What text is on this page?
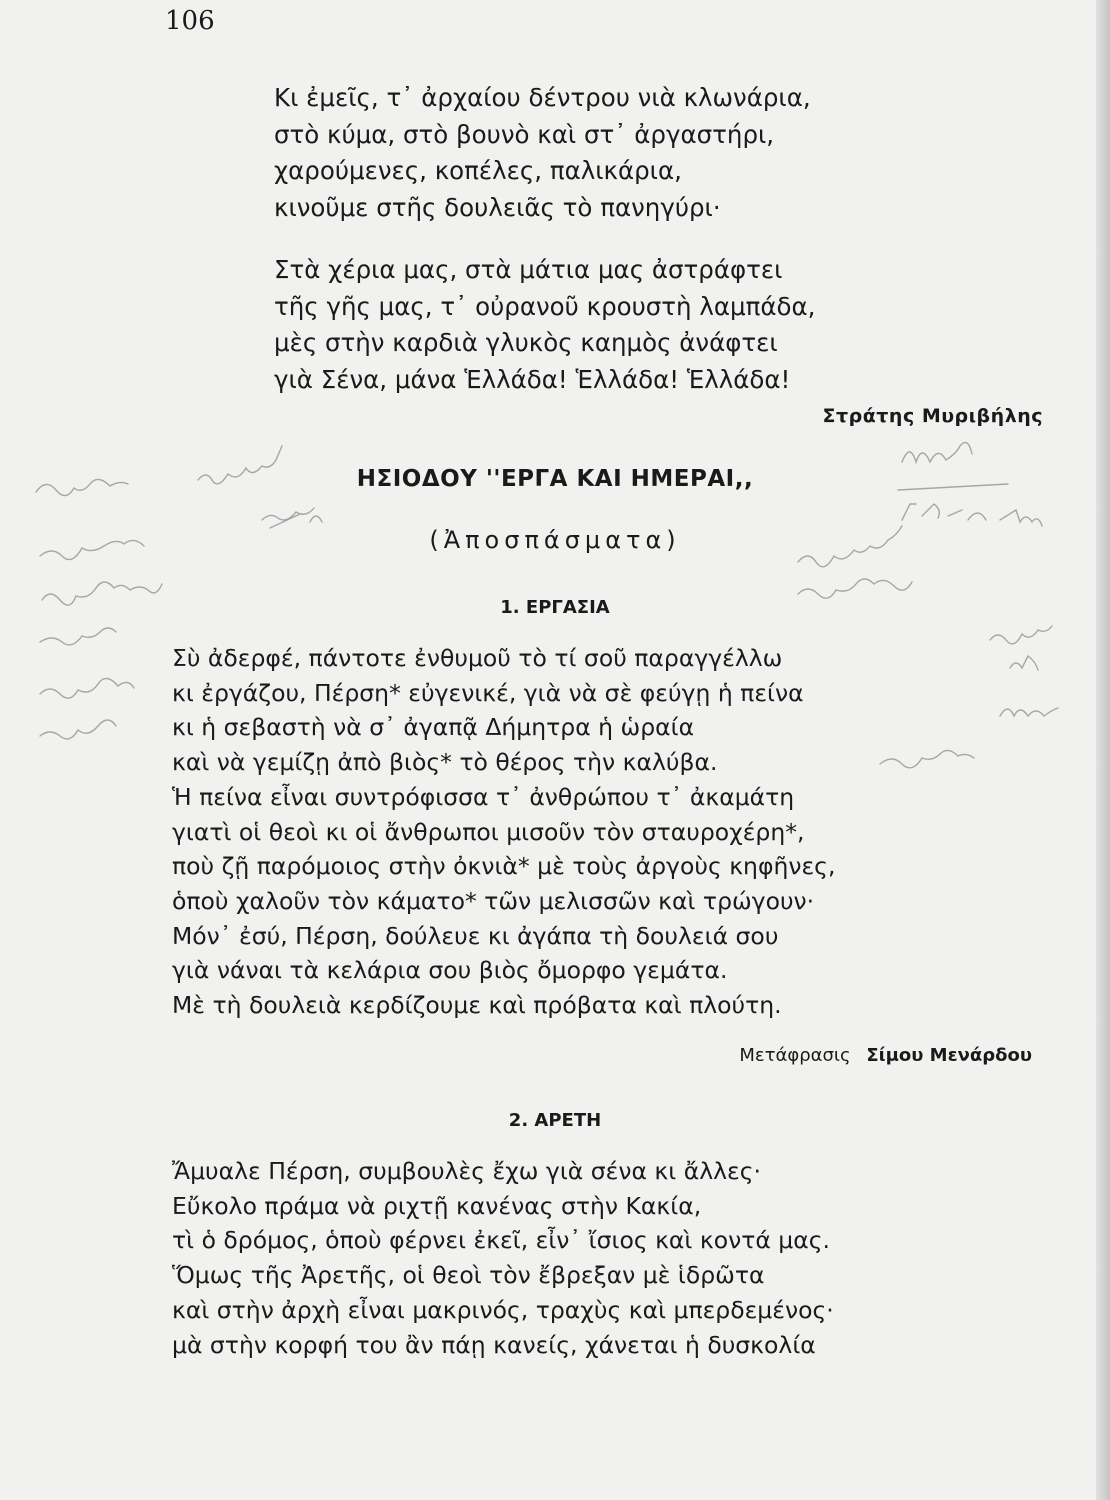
106
Κι ἐμεῖς, τ᾽ ἀρχαίου δέντρου νιὰ κλωνάρια,
στὸ κύμα, στὸ βουνὸ καὶ στ᾽ ἀργαστήρι,
χαρούμενες, κοπέλες, παλικάρια,
κινοῦμε στῆς δουλειᾶς τὸ πανηγύρι·
Στὰ χέρια μας, στὰ μάτια μας ἀστράφτει
τῆς γῆς μας, τ᾽ οὐρανοῦ κρουστὴ λαμπάδα,
μὲς στὴν καρδιὰ γλυκὸς καημὸς ἀνάφτει
γιὰ Σένα, μάνα Ἑλλάδα! Ἑλλάδα! Ἑλλάδα!
Στράτης Μυριβήλης
ΗΣΙΟΔΟΥ ''ΕΡΓΑ ΚΑΙ ΗΜΕΡΑΙ,,
(Ἀποσπάσματα)
1. ΕΡΓΑΣΙΑ
Σὺ ἀδερφέ, πάντοτε ἐνθυμοῦ τὸ τί σοῦ παραγγέλλω
κι ἐργάζου, Πέρση* εὐγενικέ, γιὰ νὰ σὲ φεύγῃ ἡ πείνα
κι ἡ σεβαστὴ νὰ σ᾽ ἀγαπᾷ Δήμητρα ἡ ὡραία
καὶ νὰ γεμίζῃ ἀπὸ βιὸς* τὸ θέρος τὴν καλύβα.
Ἡ πείνα εἶναι συντρόφισσα τ᾽ ἀνθρώπου τ᾽ ἀκαμάτη
γιατὶ οἱ θεοὶ κι οἱ ἄνθρωποι μισοῦν τὸν σταυροχέρη*,
ποὺ ζῇ παρόμοιος στὴν ὀκνιὰ* μὲ τοὺς ἀργοὺς κηφῆνες,
ὁποὺ χαλοῦν τὸν κάματο* τῶν μελισσῶν καὶ τρώγουν·
Μόν᾽ ἐσύ, Πέρση, δούλευε κι ἀγάπα τὴ δουλειά σου
γιὰ νάναι τὰ κελάρια σου βιὸς ὄμορφο γεμάτα.
Μὲ τὴ δουλειὰ κερδίζουμε καὶ πρόβατα καὶ πλούτη.
Μετάφρασις Σίμου Μενάρδου
2. ΑΡΕΤΗ
Ἄμυαλε Πέρση, συμβουλὲς ἔχω γιὰ σένα κι ἄλλες·
Εὔκολο πράμα νὰ ριχτῇ κανένας στὴν Κακία,
τὶ ὁ δρόμος, ὁποὺ φέρνει ἐκεῖ, εἶν᾽ ἴσιος καὶ κοντά μας.
Ὅμως τῆς Ἀρετῆς, οἱ θεοὶ τὸν ἔβρεξαν μὲ ἱδρῶτα
καὶ στὴν ἀρχὴ εἶναι μακρινός, τραχὺς καὶ μπερδεμένος·
μὰ στὴν κορφή του ἂν πάῃ κανείς, χάνεται ἡ δυσκολία
